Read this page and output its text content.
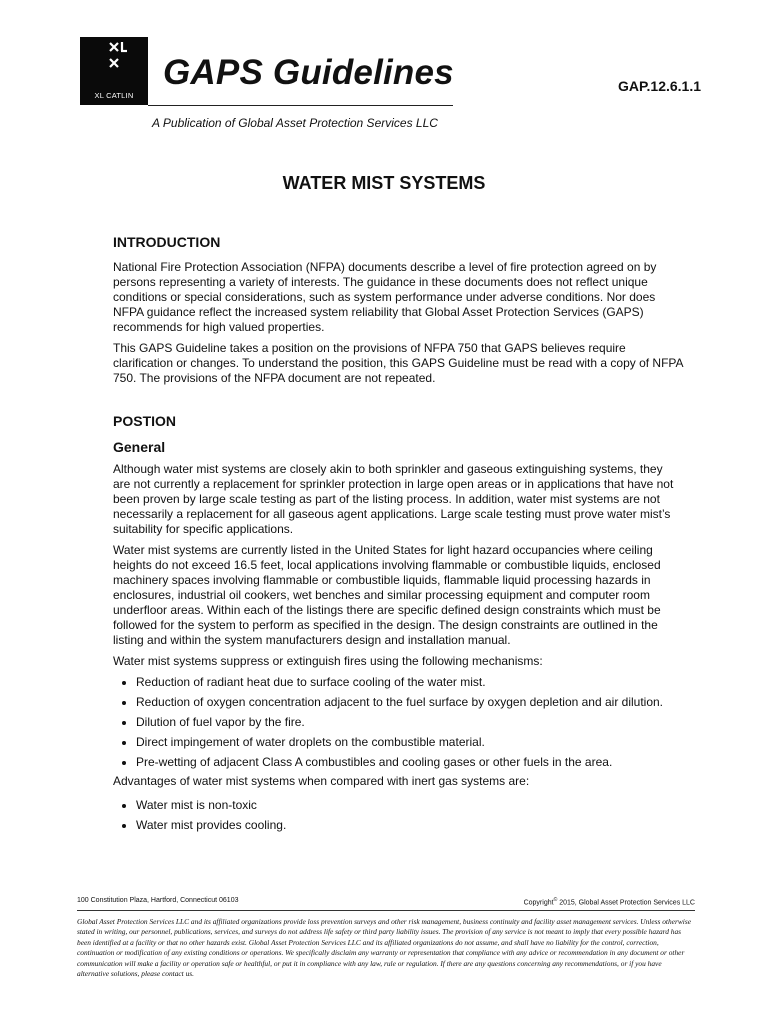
XL CATLIN
GAPS Guidelines	GAP.12.6.1.1
A Publication of Global Asset Protection Services LLC
WATER MIST SYSTEMS
INTRODUCTION

National Fire Protection Association (NFPA) documents describe a level of fire protection agreed on by persons representing a variety of interests. The guidance in these documents does not reflect unique conditions or special considerations, such as system performance under adverse conditions. Nor does NFPA guidance reflect the increased system reliability that Global Asset Protection Services (GAPS) recommends for high valued properties.

This GAPS Guideline takes a position on the provisions of NFPA 750 that GAPS believes require clarification or changes. To understand the position, this GAPS Guideline must be read with a copy of NFPA 750. The provisions of the NFPA document are not repeated.

POSTION
General

Although water mist systems are closely akin to both sprinkler and gaseous extinguishing systems, they are not currently a replacement for sprinkler protection in large open areas or in applications that have not been proven by large scale testing as part of the listing process. In addition, water mist systems are not necessarily a replacement for all gaseous agent applications. Large scale testing must prove water mist’s suitability for specific applications.

Water mist systems are currently listed in the United States for light hazard occupancies where ceiling heights do not exceed 16.5 feet, local applications involving flammable or combustible liquids, enclosed machinery spaces involving flammable or combustible liquids, flammable liquid processing hazards in enclosures, industrial oil cookers, wet benches and similar processing equipment and computer room underfloor areas. Within each of the listings there are specific defined design constraints which must be followed for the system to perform as specified in the design. The design constraints are outlined in the listing and within the system manufacturers design and installation manual.

Water mist systems suppress or extinguish fires using the following mechanisms:

• Reduction of radiant heat due to surface cooling of the water mist.
• Reduction of oxygen concentration adjacent to the fuel surface by oxygen depletion and air dilution.
• Dilution of fuel vapor by the fire.
• Direct impingement of water droplets on the combustible material.
• Pre-wetting of adjacent Class A combustibles and cooling gases or other fuels in the area.

Advantages of water mist systems when compared with inert gas systems are:

• Water mist is non-toxic
• Water mist provides cooling.
100 Constitution Plaza, Hartford, Connecticut 06103	Copyright© 2015, Global Asset Protection Services LLC

Global Asset Protection Services LLC and its affiliated organizations provide loss prevention surveys and other risk management, business continuity and facility asset management services. Unless otherwise stated in writing, our personnel, publications, services, and surveys do not address life safety or third party liability issues. The provision of any service is not meant to imply that every possible hazard has been identified at a facility or that no other hazards exist. Global Asset Protection Services LLC and its affiliated organizations do not assume, and shall have no liability for the control, correction, continuation or modification of any existing conditions or operations. We specifically disclaim any warranty or representation that compliance with any advice or recommendation in any document or other communication will make a facility or operation safe or healthful, or put it in compliance with any law, rule or regulation. If there are any questions concerning any recommendations, or if you have alternative solutions, please contact us.
